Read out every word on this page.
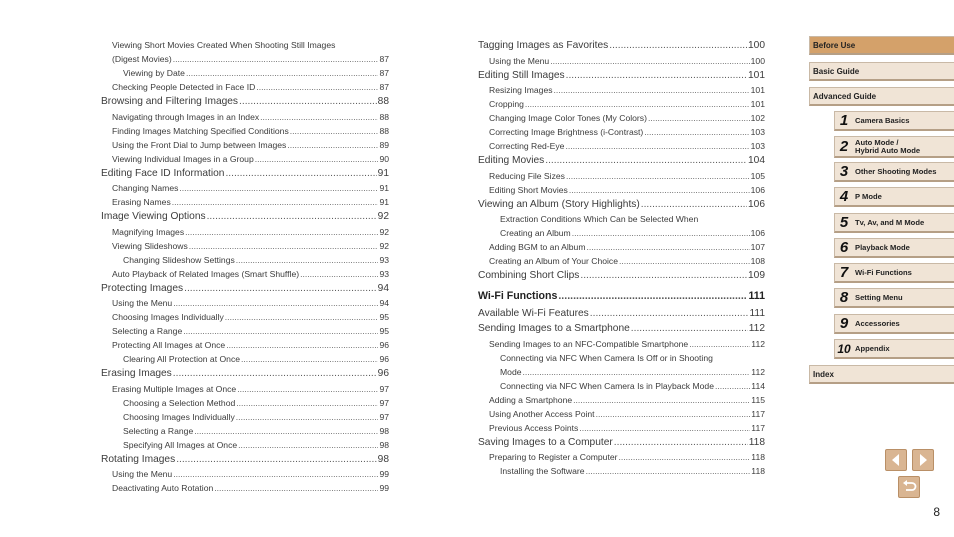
Viewing Short Movies Created When Shooting Still Images
(Digest Movies) .....	87
Viewing by Date .....	87
Checking People Detected in Face ID .....	87
Browsing and Filtering Images .....	88
Navigating through Images in an Index .....	88
Finding Images Matching Specified Conditions .....	88
Using the Front Dial to Jump between Images .....	89
Viewing Individual Images in a Group .....	90
Editing Face ID Information .....	91
Changing Names .....	91
Erasing Names .....	91
Image Viewing Options .....	92
Magnifying Images .....	92
Viewing Slideshows .....	92
Changing Slideshow Settings .....	93
Auto Playback of Related Images (Smart Shuffle) .....	93
Protecting Images .....	94
Using the Menu .....	94
Choosing Images Individually .....	95
Selecting a Range .....	95
Protecting All Images at Once .....	96
Clearing All Protection at Once .....	96
Erasing Images .....	96
Erasing Multiple Images at Once .....	97
Choosing a Selection Method .....	97
Choosing Images Individually .....	97
Selecting a Range .....	98
Specifying All Images at Once .....	98
Rotating Images .....	98
Using the Menu .....	99
Deactivating Auto Rotation .....	99
Tagging Images as Favorites .....	100
Using the Menu .....	100
Editing Still Images .....	101
Resizing Images .....	101
Cropping .....	101
Changing Image Color Tones (My Colors) .....	102
Correcting Image Brightness (i-Contrast) .....	103
Correcting Red-Eye .....	103
Editing Movies .....	104
Reducing File Sizes .....	105
Editing Short Movies .....	106
Viewing an Album (Story Highlights) .....	106
Extraction Conditions Which Can be Selected When
Creating an Album .....	106
Adding BGM to an Album .....	107
Creating an Album of Your Choice .....	108
Combining Short Clips .....	109
Wi-Fi Functions .....	111
Available Wi-Fi Features .....	111
Sending Images to a Smartphone .....	112
Sending Images to an NFC-Compatible Smartphone .....	112
Connecting via NFC When Camera Is Off or in Shooting
Mode .....	112
Connecting via NFC When Camera Is in Playback Mode .....	114
Adding a Smartphone .....	115
Using Another Access Point .....	117
Previous Access Points .....	117
Saving Images to a Computer .....	118
Preparing to Register a Computer .....	118
Installing the Software .....	118
Before Use
Basic Guide
Advanced Guide
1 Camera Basics
2 Auto Mode /
Hybrid Auto Mode
3 Other Shooting Modes
4 P Mode
5 Tv, Av, and M Mode
6 Playback Mode
7 Wi-Fi Functions
8 Setting Menu
9 Accessories
10 Appendix
Index
8
